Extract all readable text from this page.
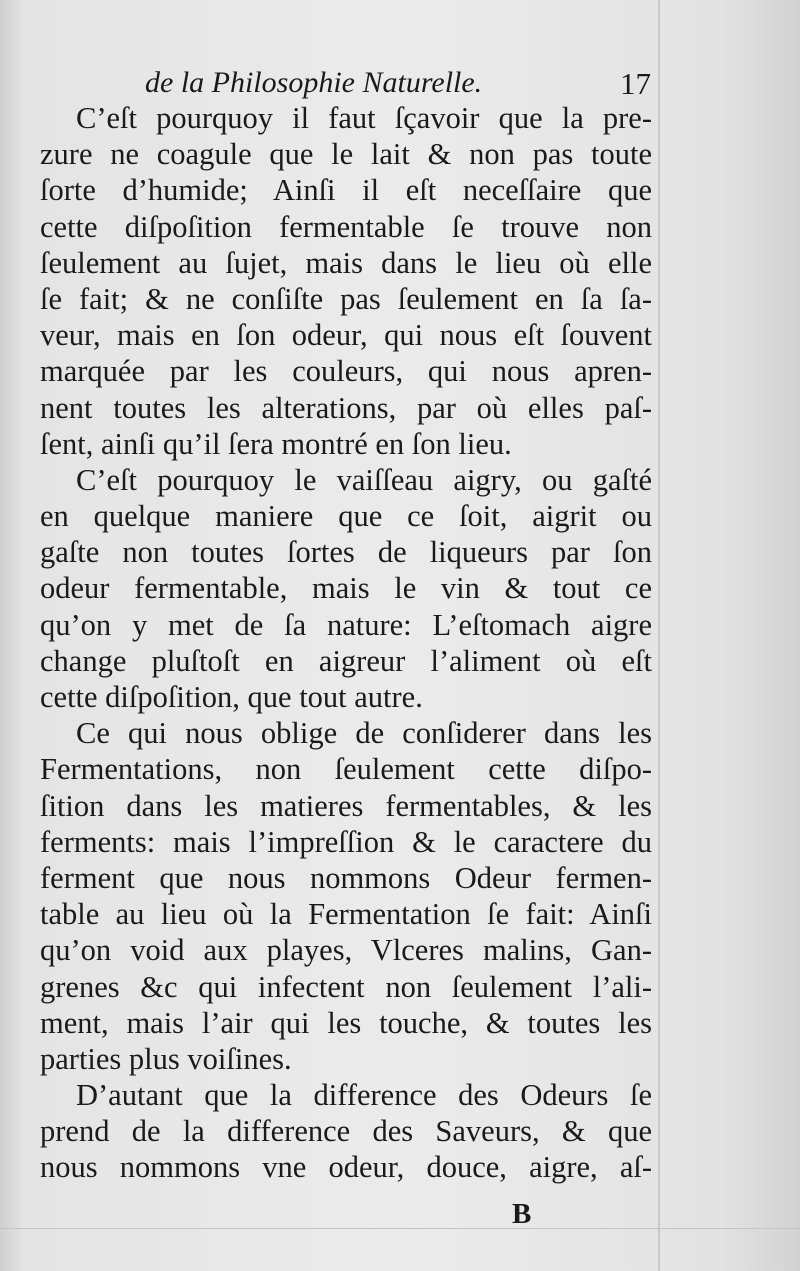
de la Philosophie Naturelle.	17
C’eſt pourquoy il faut ſçavoir que la pre-
zure ne coagule que le lait & non pas toute
ſorte d’humide; Ainſi il eſt neceſſaire que
cette diſpoſition fermentable ſe trouve non
ſeulement au ſujet, mais dans le lieu où elle
ſe fait; & ne conſiſte pas ſeulement en ſa ſa-
veur, mais en ſon odeur, qui nous eſt ſouvent
marquée par les couleurs, qui nous apren-
nent toutes les alterations, par où elles paſ-
ſent, ainſi qu’il ſera montré en ſon lieu.
C’eſt pourquoy le vaiſſeau aigry, ou gaſté
en quelque maniere que ce ſoit, aigrit ou
gaſte non toutes ſortes de liqueurs par ſon
odeur fermentable, mais le vin & tout ce
qu’on y met de ſa nature: L’eſtomach aigre
change pluſtoſt en aigreur l’aliment où eſt
cette diſpoſition, que tout autre.
Ce qui nous oblige de conſiderer dans les
Fermentations, non ſeulement cette diſpo-
ſition dans les matieres fermentables, & les
ferments: mais l’impreſſion & le caractere du
ferment que nous nommons Odeur fermen-
table au lieu où la Fermentation ſe fait: Ainſi
qu’on void aux playes, Vlceres malins, Gan-
grenes &c qui infectent non ſeulement l’ali-
ment, mais l’air qui les touche, & toutes les
parties plus voiſines.
D’autant que la difference des Odeurs ſe
prend de la difference des Saveurs, & que
nous nommons vne odeur, douce, aigre, aſ-
B
